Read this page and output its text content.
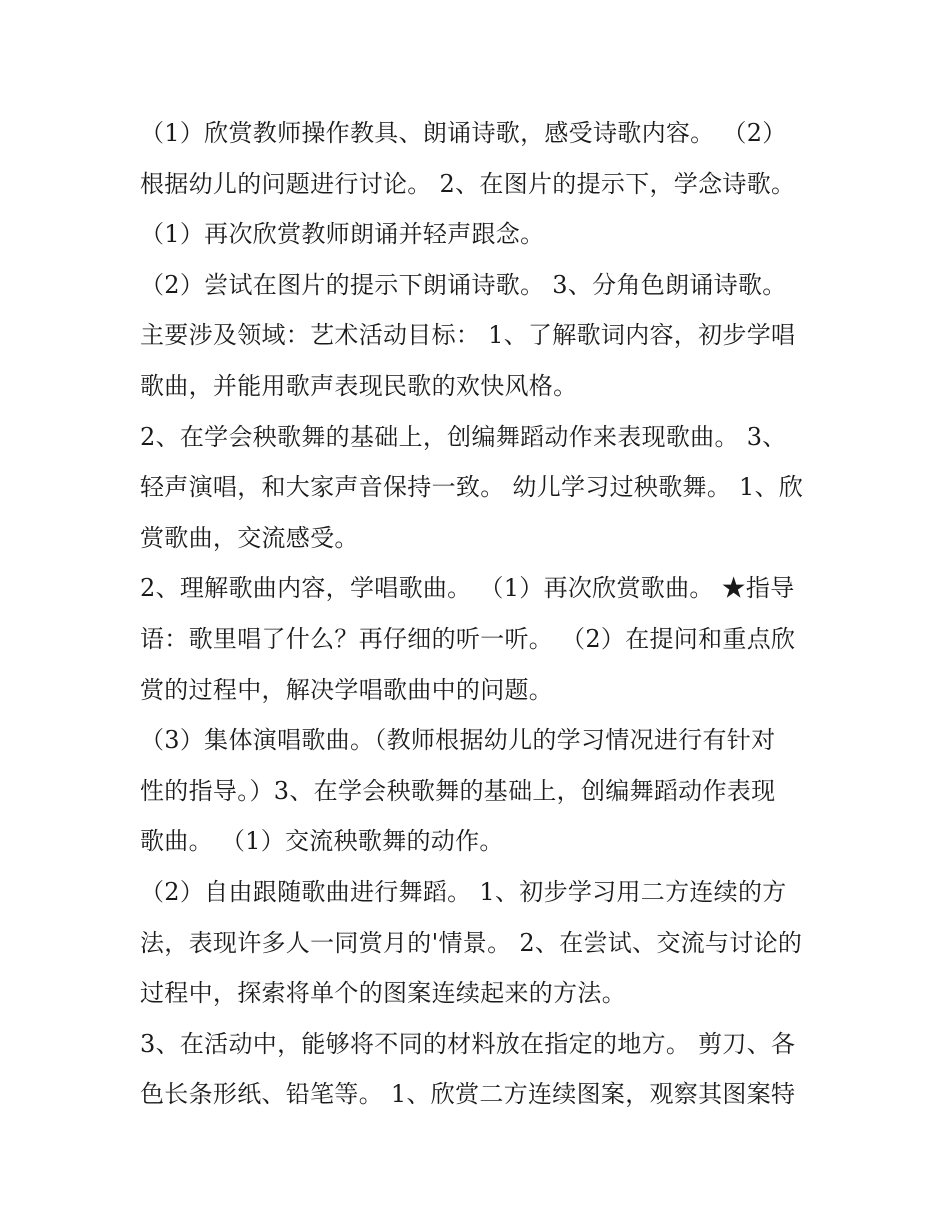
（1）欣赏教师操作教具、朗诵诗歌，感受诗歌内容。 （2）
根据幼儿的问题进行讨论。 2、在图片的提示下，学念诗歌。
（1）再次欣赏教师朗诵并轻声跟念。
（2）尝试在图片的提示下朗诵诗歌。 3、分角色朗诵诗歌。
主要涉及领域：艺术活动目标： 1、了解歌词内容，初步学唱
歌曲，并能用歌声表现民歌的欢快风格。
2、在学会秧歌舞的基础上，创编舞蹈动作来表现歌曲。 3、
轻声演唱，和大家声音保持一致。 幼儿学习过秧歌舞。 1、欣
赏歌曲，交流感受。
2、理解歌曲内容，学唱歌曲。 （1）再次欣赏歌曲。 ★指导
语：歌里唱了什么？再仔细的听一听。 （2）在提问和重点欣
赏的过程中，解决学唱歌曲中的问题。
（3）集体演唱歌曲。（教师根据幼儿的学习情况进行有针对
性的指导。）3、在学会秧歌舞的基础上，创编舞蹈动作表现
歌曲。 （1）交流秧歌舞的动作。
（2）自由跟随歌曲进行舞蹈。 1、初步学习用二方连续的方
法，表现许多人一同赏月的'情景。 2、在尝试、交流与讨论的
过程中，探索将单个的图案连续起来的方法。
3、在活动中，能够将不同的材料放在指定的地方。 剪刀、各
色长条形纸、铅笔等。 1、欣赏二方连续图案，观察其图案特
